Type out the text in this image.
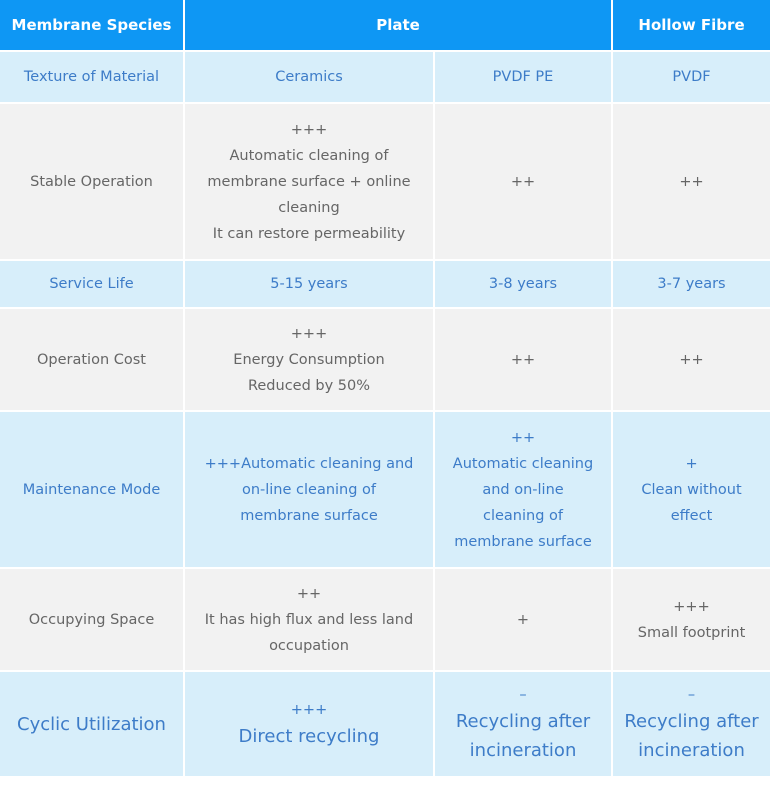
Membrane Species	Plate		Hollow Fibre
Texture of Material	Ceramics	PVDF PE	PVDF

Stable Operation	+++
Automatic cleaning of
membrane surface + online
cleaning
It can restore permeability	++	++

Service Life	5-15 years	3-8 years	3-7 years

Operation Cost	+++
Energy Consumption
Reduced by 50%	++	++

Maintenance Mode	+++Automatic cleaning and
on-line cleaning of
membrane surface	++
Automatic cleaning
and on-line
cleaning of
membrane surface	+
Clean without
effect

Occupying Space	++
It has high flux and less land
occupation	+	+++
Small footprint

Cyclic Utilization	+++
Direct recycling	–
Recycling after
incineration	–
Recycling after
incineration
